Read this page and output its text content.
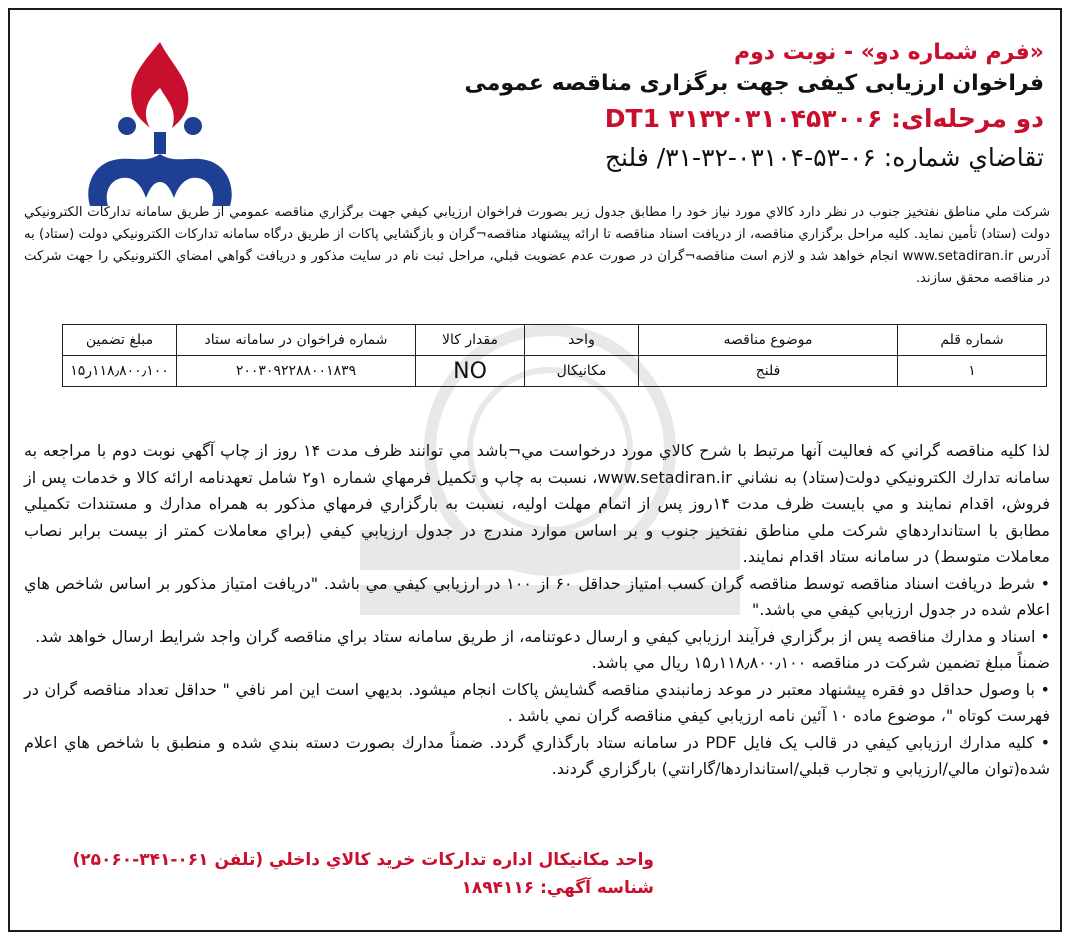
«فرم شماره دو» - نوبت دوم
فراخوان ارزیابی کیفی جهت برگزاری مناقصه عمومی
دو مرحله‌ای: DT1 ۳۱۳۲۰۳۱۰۴۵۳۰۰۶
تقاضاي شماره: ۰۶-۵۳-۰۳۱۰۴-۳۲-۳۱/ فلنج
شركت ملي مناطق نفتخيز جنوب در نظر دارد كالاي مورد نياز خود را مطابق جدول زير بصورت فراخوان ارزيابي كيفي جهت برگزاري مناقصه عمومي از طريق سامانه تداركات الكترونيكي دولت (ستاد) تأمين نمايد. كليه مراحل برگزاري مناقصه، از دريافت اسناد مناقصه تا ارائه پيشنهاد مناقصه¬گران و بازگشايي پاكات از طريق درگاه سامانه تداركات الكترونيكي دولت (ستاد) به آدرس www.setadiran.ir انجام خواهد شد و لازم است مناقصه¬گران در صورت عدم عضويت قبلي، مراحل ثبت نام در سايت مذكور و دريافت گواهي امضاي الكترونيكي را جهت شركت در مناقصه محقق سازند.
شماره قلم	موضوع مناقصه	واحد	مقدار کالا	شماره فراخوان در سامانه ستاد	مبلغ تضمین
۱	فلنج	مکانیکال	NO	۲۰۰۳۰۹۲۲۸۸۰۰۱۸۳۹	۱۱۸٫۸۰۰٫۱۰۰ر۱۵

لذا كليه مناقصه گراني كه فعاليت آنها مرتبط با شرح كالاي مورد درخواست مي¬باشد مي توانند ظرف مدت ۱۴ روز از چاپ آگهي نوبت دوم با مراجعه به سامانه تدارك الكترونيكي دولت(ستاد) به نشاني www.setadiran.ir، نسبت به چاپ و تكميل فرمهاي شماره ۱و۲ شامل تعهدنامه ارائه كالا و خدمات پس از فروش، اقدام نمايند و مي بايست ظرف مدت ۱۴روز پس از اتمام مهلت اوليه، نسبت به بارگزاري فرمهاي مذكور به همراه مدارك و مستندات تكميلي مطابق با استانداردهاي شركت ملي مناطق نفتخيز جنوب و بر اساس موارد مندرج در جدول ارزيابي كيفي (براي معاملات كمتر از بيست برابر نصاب معاملات متوسط) در سامانه ستاد اقدام نمايند.

• شرط دريافت اسناد مناقصه توسط مناقصه گران كسب امتياز حداقل ۶۰ از ۱۰۰ در ارزيابي كيفي مي باشد. "دريافت امتياز مذكور بر اساس شاخص هاي اعلام شده در جدول ارزيابي كيفي مي باشد."

• اسناد و مدارك مناقصه پس از برگزاري فرآيند ارزيابي كيفي و ارسال دعوتنامه، از طريق سامانه ستاد براي مناقصه گران واجد شرايط ارسال خواهد شد.

ضمناً مبلغ تضمين شركت در مناقصه ۱۱۸٫۸۰۰٫۱۰۰ر۱۵ ريال مي باشد.

• با وصول حداقل دو فقره پيشنهاد معتبر در موعد زمانبندي مناقصه گشايش پاكات انجام ميشود. بديهي است اين امر نافي " حداقل تعداد مناقصه گران در فهرست كوتاه "، موضوع ماده ۱۰ آئين نامه ارزيابي كيفي مناقصه گران نمي باشد .

• كليه مدارك ارزيابي كيفي در قالب يک فايل PDF در سامانه ستاد بارگذاري گردد. ضمناً مدارك بصورت دسته بندي شده و منطبق با شاخص هاي اعلام شده(توان مالي/ارزيابي و تجارب قبلي/استانداردها/گارانتي) بارگزاري گردند.

واحد مكانيكال اداره تداركات خريد كالاي داخلي (تلفن ۰۶۱-۳۴۱-۲۵۰۶۰)
شناسه آگهي: ۱۸۹۴۱۱۶
